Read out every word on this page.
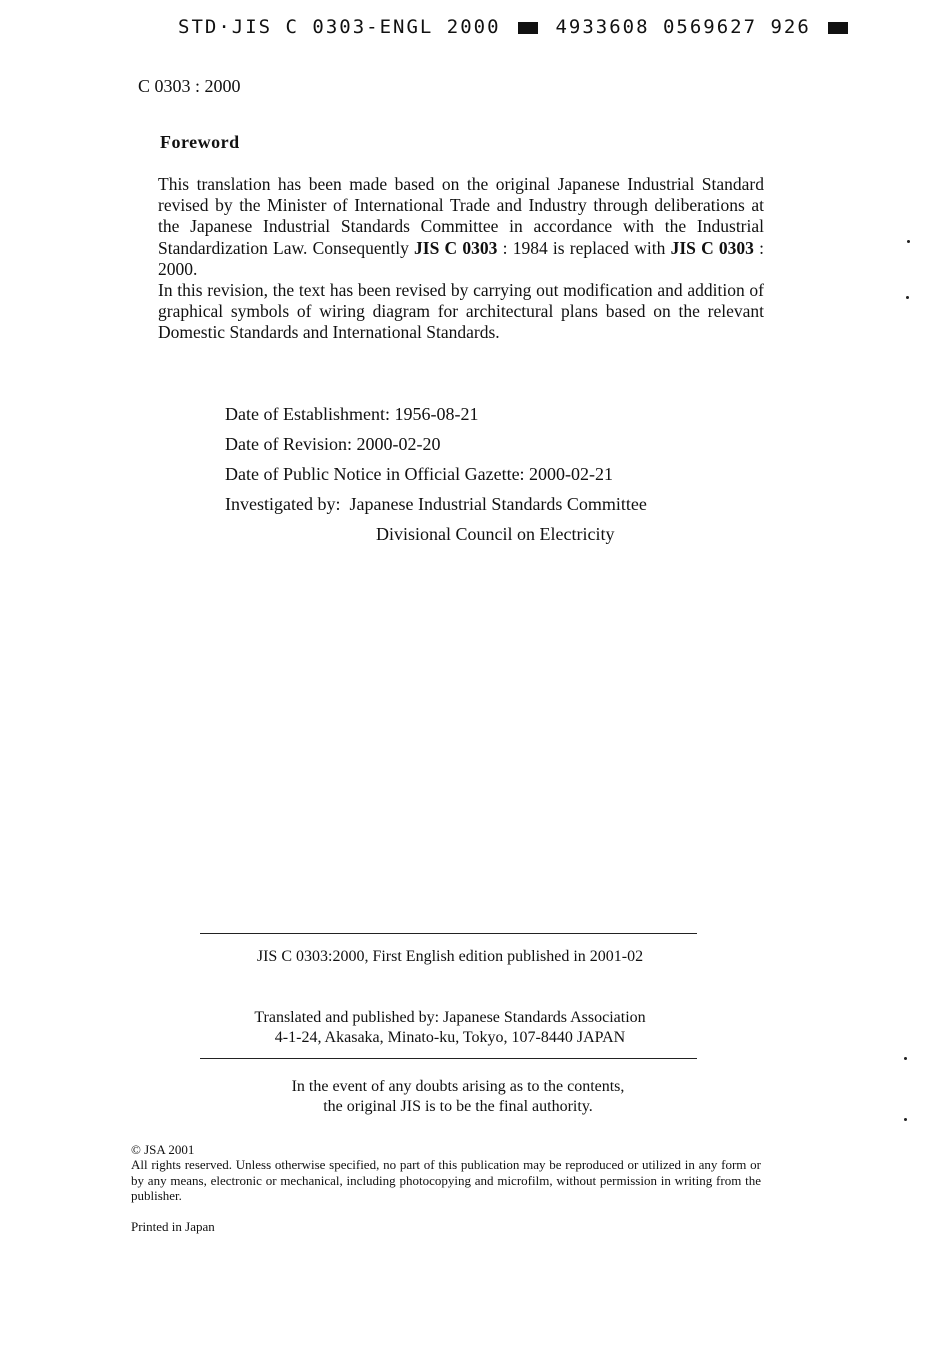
STD·JIS C 0303-ENGL 2000	4933608 0569627 926
C 0303 : 2000
Foreword

This translation has been made based on the original Japanese Industrial Standard revised by the Minister of International Trade and Industry through deliberations at the Japanese Industrial Standards Committee in accordance with the Industrial Standardization Law. Consequently JIS C 0303 : 1984 is replaced with JIS C 0303 : 2000.

In this revision, the text has been revised by carrying out modification and addition of graphical symbols of wiring diagram for architectural plans based on the relevant Domestic Standards and International Standards.

Date of Establishment: 1956-08-21
Date of Revision: 2000-02-20
Date of Public Notice in Official Gazette: 2000-02-21
Investigated by: Japanese Industrial Standards Committee
Divisional Council on Electricity
JIS C 0303:2000, First English edition published in 2001-02
Translated and published by: Japanese Standards Association
4-1-24, Akasaka, Minato-ku, Tokyo, 107-8440 JAPAN
In the event of any doubts arising as to the contents,
the original JIS is to be the final authority.
© JSA 2001
All rights reserved. Unless otherwise specified, no part of this publication may be reproduced or utilized in any form or by any means, electronic or mechanical, including photocopying and microfilm, without permission in writing from the publisher.
Printed in Japan
